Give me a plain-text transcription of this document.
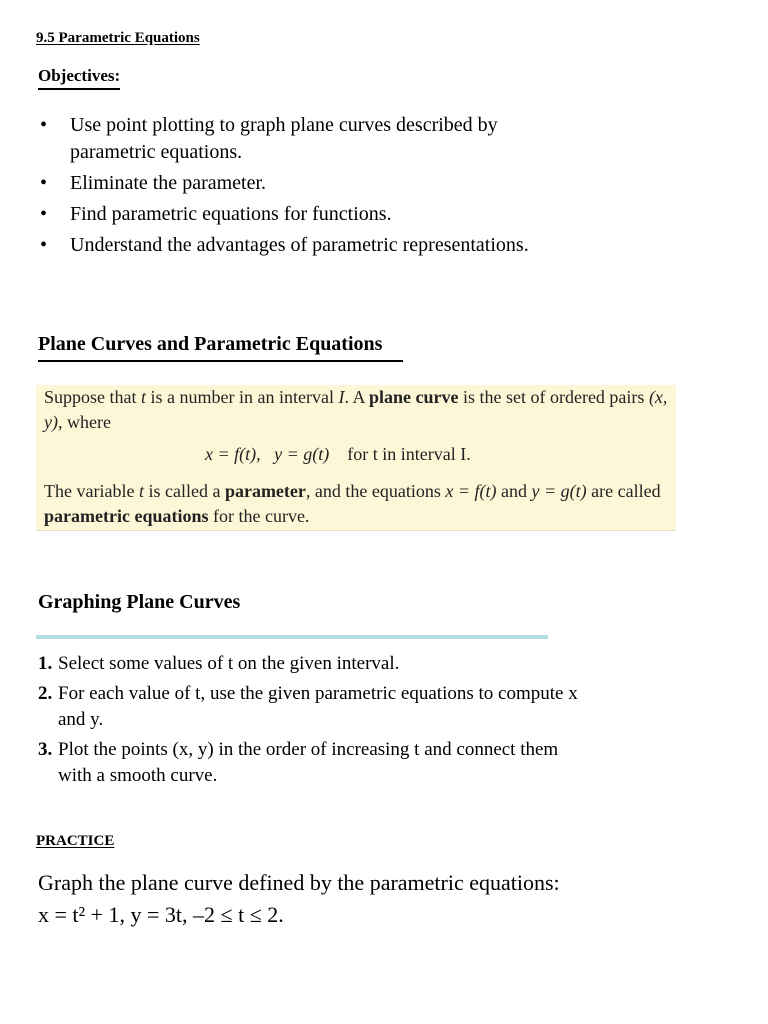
9.5 Parametric Equations
Objectives:
• Use point plotting to graph plane curves described by parametric equations.
• Eliminate the parameter.
• Find parametric equations for functions.
• Understand the advantages of parametric representations.
Plane Curves and Parametric Equations
Suppose that t is a number in an interval I. A plane curve is the set of ordered pairs (x, y), where
x = f(t),   y = g(t) for t in interval I.
The variable t is called a parameter, and the equations x = f(t) and y = g(t) are called parametric equations for the curve.
Graphing Plane Curves
1. Select some values of t on the given interval.
2. For each value of t, use the given parametric equations to compute x and y.
3. Plot the points (x, y) in the order of increasing t and connect them with a smooth curve.
PRACTICE
Graph the plane curve defined by the parametric equations:
x = t² + 1, y = 3t, –2 ≤ t ≤ 2.
